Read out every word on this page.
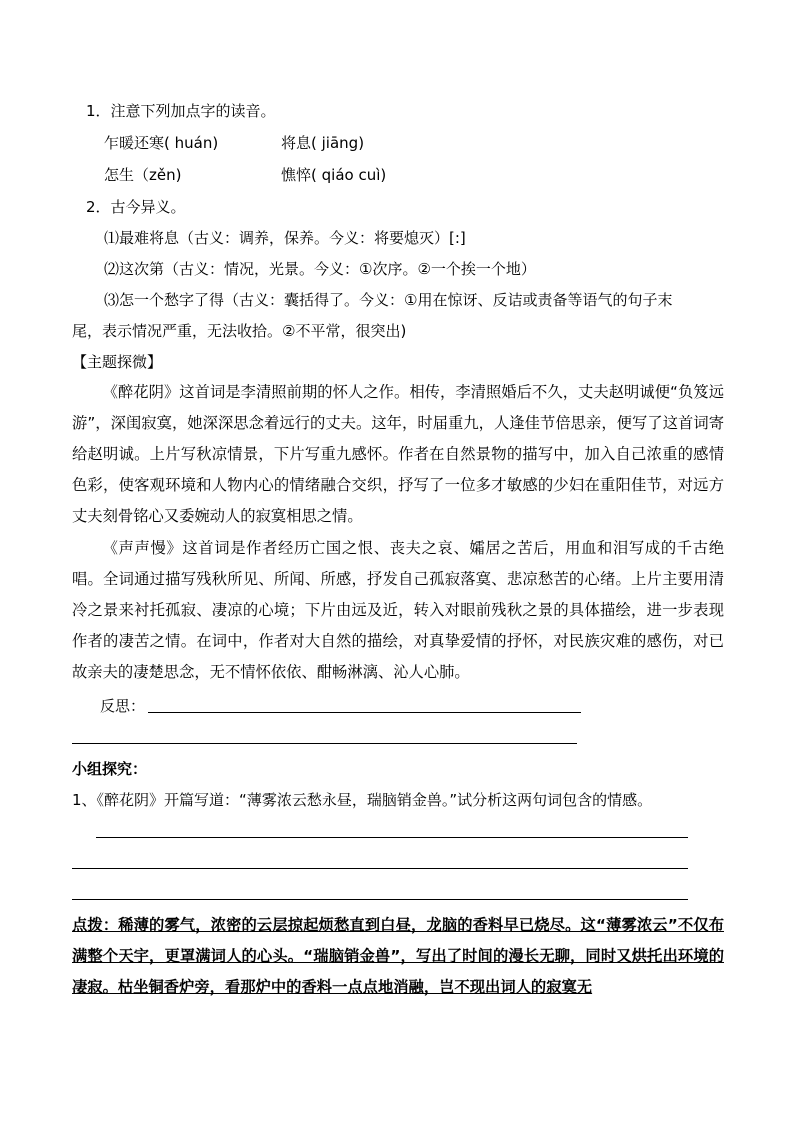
1．注意下列加点字的读音。
乍暖还寒( huán)	将息( jiāng)
怎生（zěn)	憔悴( qiáo cuì)
2．古今异义。
⑴最难将息（古义：调养，保养。今义：将要熄灭）[:]
⑵这次第（古义：情况，光景。今义：①次序。②一个挨一个地）
⑶怎一个愁字了得（古义：囊括得了。今义：①用在惊讶、反诘或责备等语气的句子末
尾，表示情况严重，无法收拾。②不平常，很突出)
【主题探微】

《醉花阴》这首词是李清照前期的怀人之作。相传，李清照婚后不久，丈夫赵明诚便“负笈远游”，深闺寂寞，她深深思念着远行的丈夫。这年，时届重九，人逢佳节倍思亲，便写了这首词寄给赵明诚。上片写秋凉情景，下片写重九感怀。作者在自然景物的描写中，加入自己浓重的感情色彩，使客观环境和人物内心的情绪融合交织，抒写了一位多才敏感的少妇在重阳佳节，对远方丈夫刻骨铭心又委婉动人的寂寞相思之情。

《声声慢》这首词是作者经历亡国之恨、丧夫之哀、孀居之苦后，用血和泪写成的千古绝唱。全词通过描写残秋所见、所闻、所感，抒发自己孤寂落寞、悲凉愁苦的心绪。上片主要用清冷之景来衬托孤寂、凄凉的心境；下片由远及近，转入对眼前残秋之景的具体描绘，进一步表现作者的凄苦之情。在词中，作者对大自然的描绘，对真挚爱情的抒怀，对民族灾难的感伤，对已故亲夫的凄楚思念，无不情怀依依、酣畅淋漓、沁人心肺。

反思：
小组探究：
1、《醉花阴》开篇写道：“薄雾浓云愁永昼，瑞脑销金兽。”试分析这两句词包含的情感。

点拨：稀薄的雾气，浓密的云层掠起烦愁直到白昼，龙脑的香料早已烧尽。这“薄雾浓云”不仅布满整个天宇，更罩满词人的心头。“瑞脑销金兽”，写出了时间的漫长无聊，同时又烘托出环境的凄寂。枯坐铜香炉旁，看那炉中的香料一点点地消融，岂不现出词人的寂寞无
